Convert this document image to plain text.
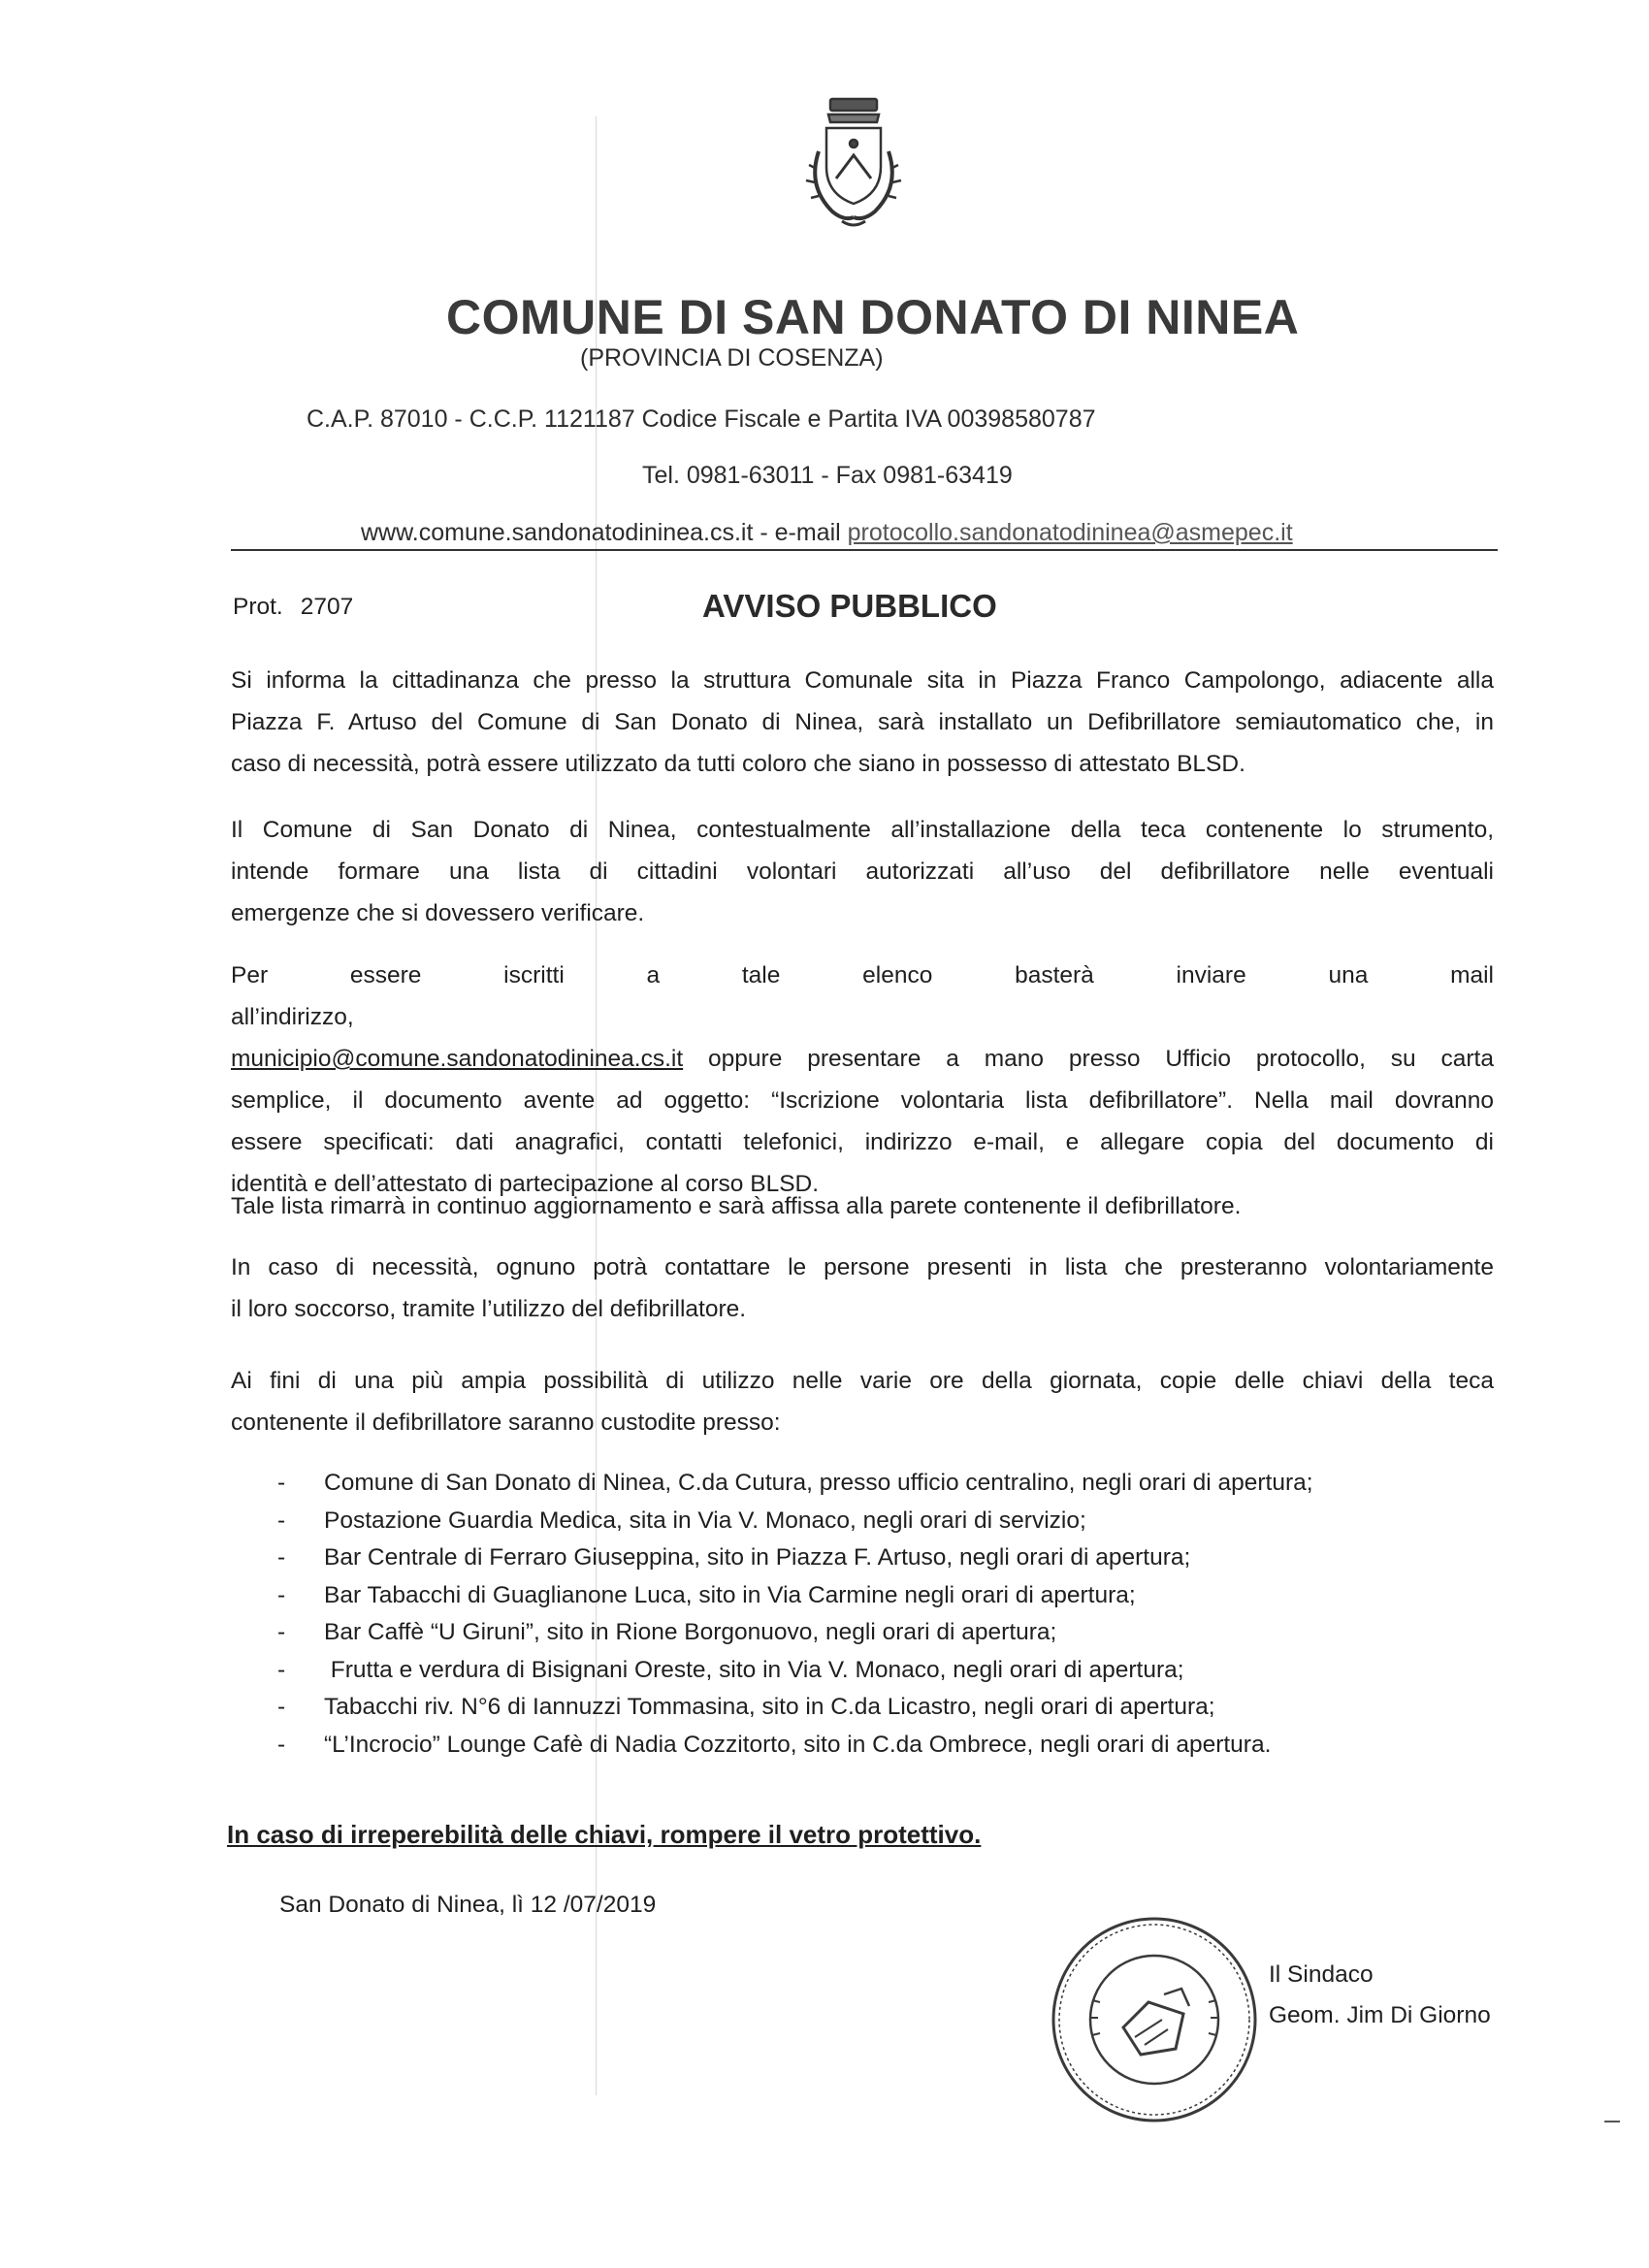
COMUNE DI SAN DONATO DI NINEA
(PROVINCIA DI COSENZA)
C.A.P. 87010 - C.C.P. 1121187 Codice Fiscale e Partita IVA 00398580787
Tel. 0981-63011 - Fax 0981-63419
www.comune.sandonatodininea.cs.it - e-mail protocollo.sandonatodininea@asmepec.it
Prot. 2707	AVVISO PUBBLICO
Si informa la cittadinanza che presso la struttura Comunale sita in Piazza Franco Campolongo, adiacente alla
Piazza F. Artuso del Comune di San Donato di Ninea, sarà installato un Defibrillatore semiautomatico che, in
caso di necessità, potrà essere utilizzato da tutti coloro che siano in possesso di attestato BLSD.
Il Comune di San Donato di Ninea, contestualmente all’installazione della teca contenente lo strumento,
intende formare una lista di cittadini volontari autorizzati all’uso del defibrillatore nelle eventuali
emergenze che si dovessero verificare.
Per essere iscritti a tale elenco basterà inviare una mail all’indirizzo,
municipio@comune.sandonatodininea.cs.it oppure presentare a mano presso Ufficio protocollo, su carta
semplice, il documento avente ad oggetto: “Iscrizione volontaria lista defibrillatore”. Nella mail dovranno
essere specificati: dati anagrafici, contatti telefonici, indirizzo e-mail, e allegare copia del documento di
identità e dell’attestato di partecipazione al corso BLSD.
Tale lista rimarrà in continuo aggiornamento e sarà affissa alla parete contenente il defibrillatore.
In caso di necessità, ognuno potrà contattare le persone presenti in lista che presteranno volontariamente
il loro soccorso, tramite l’utilizzo del defibrillatore.
Ai fini di una più ampia possibilità di utilizzo nelle varie ore della giornata, copie delle chiavi della teca
contenente il defibrillatore saranno custodite presso:
- Comune di San Donato di Ninea, C.da Cutura, presso ufficio centralino, negli orari di apertura;
- Postazione Guardia Medica, sita in Via V. Monaco, negli orari di servizio;
- Bar Centrale di Ferraro Giuseppina, sito in Piazza F. Artuso, negli orari di apertura;
- Bar Tabacchi di Guaglianone Luca, sito in Via Carmine negli orari di apertura;
- Bar Caffè “U Giruni”, sito in Rione Borgonuovo, negli orari di apertura;
- Frutta e verdura di Bisignani Oreste, sito in Via V. Monaco, negli orari di apertura;
- Tabacchi riv. N°6 di Iannuzzi Tommasina, sito in C.da Licastro, negli orari di apertura;
- “L’Incrocio” Lounge Cafè di Nadia Cozzitorto, sito in C.da Ombrece, negli orari di apertura.
In caso di irreperebilità delle chiavi, rompere il vetro protettivo.
San Donato di Ninea, lì 12 /07/2019
Il Sindaco
Geom. Jim Di Giorno
